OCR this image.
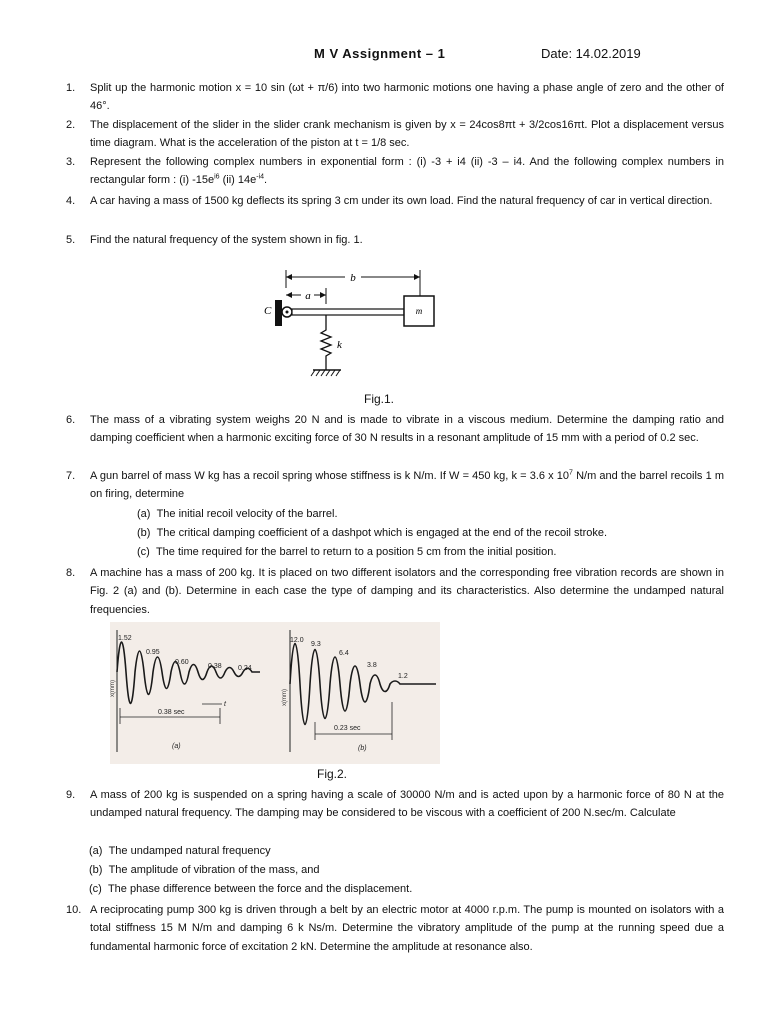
M V Assignment – 1	Date: 14.02.2019
1.	Split up the harmonic motion x = 10 sin (ωt + π/6) into two harmonic motions one having a phase angle of zero and the other of 46°.
2.	The displacement of the slider in the slider crank mechanism is given by x = 24cos8πt + 3/2cos16πt. Plot a displacement versus time diagram. What is the acceleration of the piston at t = 1/8 sec.
3.	Represent the following complex numbers in exponential form : (i) -3 + i4 (ii) -3 – i4. And the following complex numbers in rectangular form : (i) $-15e^{i6}$ (ii) $14e^{-i4}$.
4.	A car having a mass of 1500 kg deflects its spring 3 cm under its own load. Find the natural frequency of car in vertical direction.
5.	Find the natural frequency of the system shown in fig. 1.
b
a
C	m
k
Fig.1.
6.	The mass of a vibrating system weighs 20 N and is made to vibrate in a viscous medium. Determine the damping ratio and damping coefficient when a harmonic exciting force of 30 N results in a resonant amplitude of 15 mm with a period of 0.2 sec.
7.	A gun barrel of mass W kg has a recoil spring whose stiffness is k N/m. If W = 450 kg, k = 3.6 x $10^7$ N/m and the barrel recoils 1 m on firing, determine
(a) The initial recoil velocity of the barrel.
(b) The critical damping coefficient of a dashpot which is engaged at the end of the recoil stroke.
(c) The time required for the barrel to return to a position 5 cm from the initial position.
8.	A machine has a mass of 200 kg. It is placed on two different isolators and the corresponding free vibration records are shown in Fig. 2 (a) and (b). Determine in each case the type of damping and its characteristics. Also determine the undamped natural frequencies.
x(mm)
1.52
0.95
0.60
0.38 0.24
0.38 sec
t
(a)
x(mm)
12.0
9.3
6.4
3.8
1.2
0.23 sec
(b)
Fig.2.
9.	A mass of 200 kg is suspended on a spring having a scale of 30000 N/m and is acted upon by a harmonic force of 80 N at the undamped natural frequency. The damping may be considered to be viscous with a coefficient of 200 N.sec/m. Calculate
(a) The undamped natural frequency
(b) The amplitude of vibration of the mass, and
(c) The phase difference between the force and the displacement.
10. A reciprocating pump 300 kg is driven through a belt by an electric motor at 4000 r.p.m. The pump is mounted on isolators with a total stiffness 15 M N/m and damping 6 k Ns/m. Determine the vibratory amplitude of the pump at the running speed due a fundamental harmonic force of excitation 2 kN. Determine the amplitude at resonance also.
